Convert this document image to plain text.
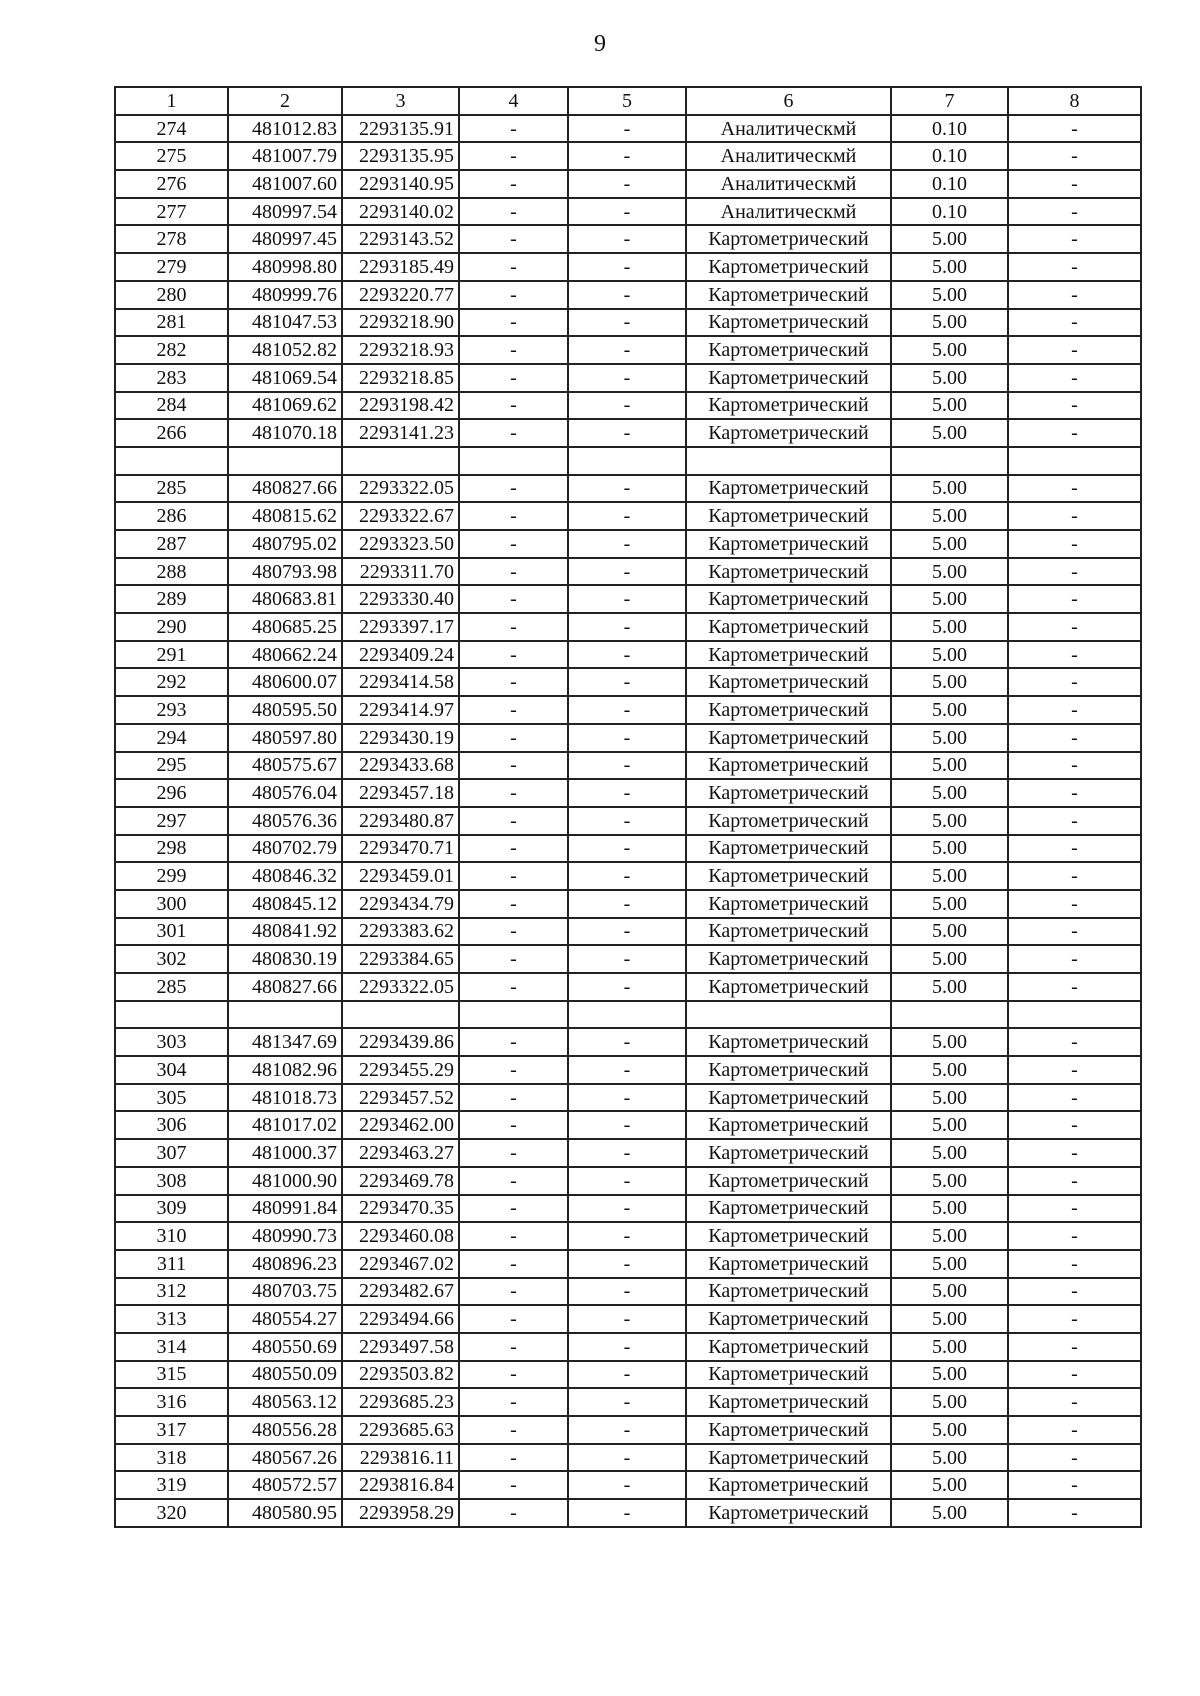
9
1	2	3	4	5	6	7	8
274	481012.83	2293135.91	-	-	Аналитическмй	0.10	-
275	481007.79	2293135.95	-	-	Аналитическмй	0.10	-
276	481007.60	2293140.95	-	-	Аналитическмй	0.10	-
277	480997.54	2293140.02	-	-	Аналитическмй	0.10	-
278	480997.45	2293143.52	-	-	Картометрический	5.00	-
279	480998.80	2293185.49	-	-	Картометрический	5.00	-
280	480999.76	2293220.77	-	-	Картометрический	5.00	-
281	481047.53	2293218.90	-	-	Картометрический	5.00	-
282	481052.82	2293218.93	-	-	Картометрический	5.00	-
283	481069.54	2293218.85	-	-	Картометрический	5.00	-
284	481069.62	2293198.42	-	-	Картометрический	5.00	-
266	481070.18	2293141.23	-	-	Картометрический	5.00	-

285	480827.66	2293322.05	-	-	Картометрический	5.00	-
286	480815.62	2293322.67	-	-	Картометрический	5.00	-
287	480795.02	2293323.50	-	-	Картометрический	5.00	-
288	480793.98	2293311.70	-	-	Картометрический	5.00	-
289	480683.81	2293330.40	-	-	Картометрический	5.00	-
290	480685.25	2293397.17	-	-	Картометрический	5.00	-
291	480662.24	2293409.24	-	-	Картометрический	5.00	-
292	480600.07	2293414.58	-	-	Картометрический	5.00	-
293	480595.50	2293414.97	-	-	Картометрический	5.00	-
294	480597.80	2293430.19	-	-	Картометрический	5.00	-
295	480575.67	2293433.68	-	-	Картометрический	5.00	-
296	480576.04	2293457.18	-	-	Картометрический	5.00	-
297	480576.36	2293480.87	-	-	Картометрический	5.00	-
298	480702.79	2293470.71	-	-	Картометрический	5.00	-
299	480846.32	2293459.01	-	-	Картометрический	5.00	-
300	480845.12	2293434.79	-	-	Картометрический	5.00	-
301	480841.92	2293383.62	-	-	Картометрический	5.00	-
302	480830.19	2293384.65	-	-	Картометрический	5.00	-
285	480827.66	2293322.05	-	-	Картометрический	5.00	-

303	481347.69	2293439.86	-	-	Картометрический	5.00	-
304	481082.96	2293455.29	-	-	Картометрический	5.00	-
305	481018.73	2293457.52	-	-	Картометрический	5.00	-
306	481017.02	2293462.00	-	-	Картометрический	5.00	-
307	481000.37	2293463.27	-	-	Картометрический	5.00	-
308	481000.90	2293469.78	-	-	Картометрический	5.00	-
309	480991.84	2293470.35	-	-	Картометрический	5.00	-
310	480990.73	2293460.08	-	-	Картометрический	5.00	-
311	480896.23	2293467.02	-	-	Картометрический	5.00	-
312	480703.75	2293482.67	-	-	Картометрический	5.00	-
313	480554.27	2293494.66	-	-	Картометрический	5.00	-
314	480550.69	2293497.58	-	-	Картометрический	5.00	-
315	480550.09	2293503.82	-	-	Картометрический	5.00	-
316	480563.12	2293685.23	-	-	Картометрический	5.00	-
317	480556.28	2293685.63	-	-	Картометрический	5.00	-
318	480567.26	2293816.11	-	-	Картометрический	5.00	-
319	480572.57	2293816.84	-	-	Картометрический	5.00	-
320	480580.95	2293958.29	-	-	Картометрический	5.00	-
